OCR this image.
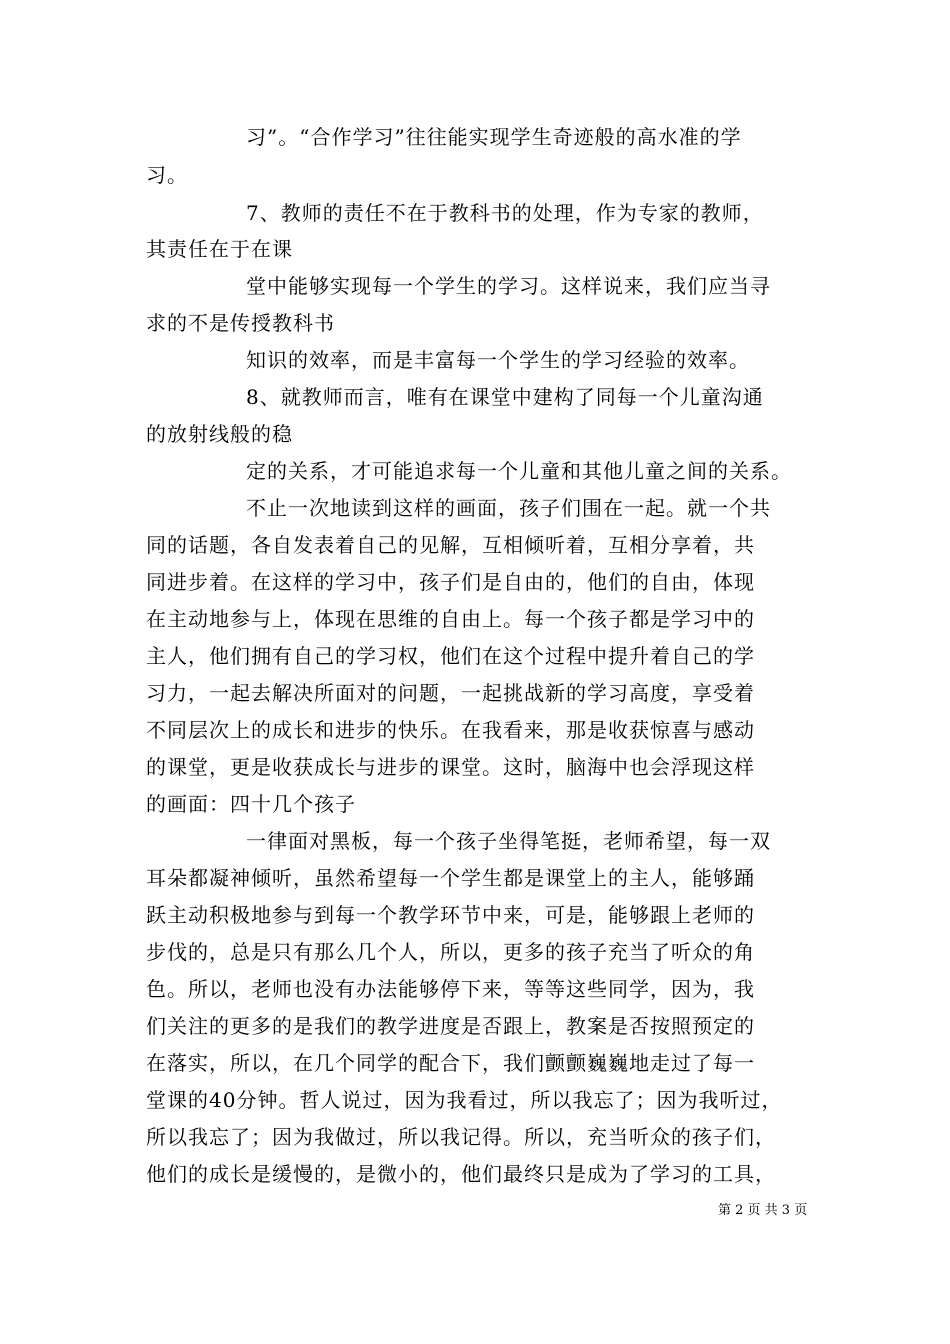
习”。“合作学习”往往能实现学生奇迹般的高水准的学
习。
7、教师的责任不在于教科书的处理，作为专家的教师，
其责任在于在课
堂中能够实现每一个学生的学习。这样说来，我们应当寻
求的不是传授教科书
知识的效率，而是丰富每一个学生的学习经验的效率。
8、就教师而言，唯有在课堂中建构了同每一个儿童沟通
的放射线般的稳
定的关系，才可能追求每一个儿童和其他儿童之间的关系。
不止一次地读到这样的画面，孩子们围在一起。就一个共
同的话题，各自发表着自己的见解，互相倾听着，互相分享着，共
同进步着。在这样的学习中，孩子们是自由的，他们的自由，体现
在主动地参与上，体现在思维的自由上。每一个孩子都是学习中的
主人，他们拥有自己的学习权，他们在这个过程中提升着自己的学
习力，一起去解决所面对的问题，一起挑战新的学习高度，享受着
不同层次上的成长和进步的快乐。在我看来，那是收获惊喜与感动
的课堂，更是收获成长与进步的课堂。这时，脑海中也会浮现这样
的画面：四十几个孩子
一律面对黑板，每一个孩子坐得笔挺，老师希望，每一双
耳朵都凝神倾听，虽然希望每一个学生都是课堂上的主人，能够踊
跃主动积极地参与到每一个教学环节中来，可是，能够跟上老师的
步伐的，总是只有那么几个人，所以，更多的孩子充当了听众的角
色。所以，老师也没有办法能够停下来，等等这些同学，因为，我
们关注的更多的是我们的教学进度是否跟上，教案是否按照预定的
在落实，所以，在几个同学的配合下，我们颤颤巍巍地走过了每一
堂课的40分钟。哲人说过，因为我看过，所以我忘了；因为我听过，
所以我忘了；因为我做过，所以我记得。所以，充当听众的孩子们，
他们的成长是缓慢的，是微小的，他们最终只是成为了学习的工具，
第 2 页 共 3 页
